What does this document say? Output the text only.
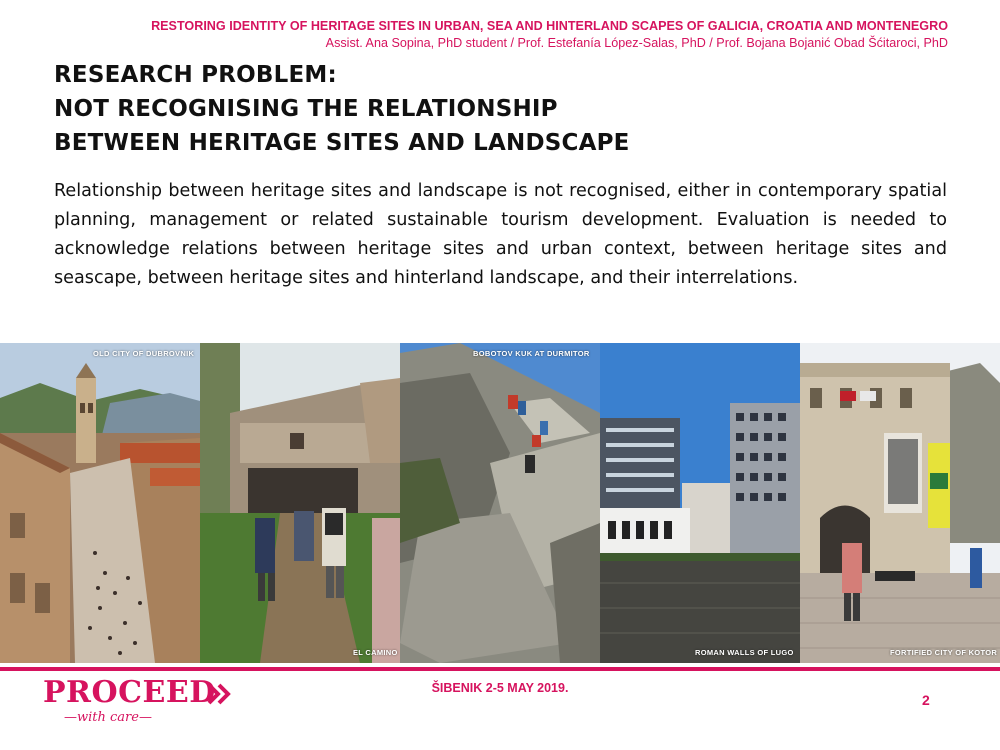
RESTORING IDENTITY OF HERITAGE SITES IN URBAN, SEA AND HINTERLAND SCAPES OF GALICIA, CROATIA AND MONTENEGRO
Assist. Ana Sopina, PhD student / Prof. Estefanía López-Salas, PhD / Prof. Bojana Bojanić Obad Šćitaroci, PhD
RESEARCH PROBLEM:
NOT RECOGNISING THE RELATIONSHIP
BETWEEN HERITAGE SITES AND LANDSCAPE

Relationship between heritage sites and landscape is not recognised, either in contemporary spatial planning, management or related sustainable tourism development. Evaluation is needed to acknowledge relations between heritage sites and urban context, between heritage sites and seascape, between heritage sites and hinterland landscape, and their interrelations.

OLD CITY OF DUBROVNIK
EL CAMINO
BOBOTOV KUK AT DURMITOR
ROMAN WALLS OF LUGO	FORTIFIED CITY OF KOTOR
PROCEED
—with care—
ŠIBENIK 2-5 MAY 2019.
2
